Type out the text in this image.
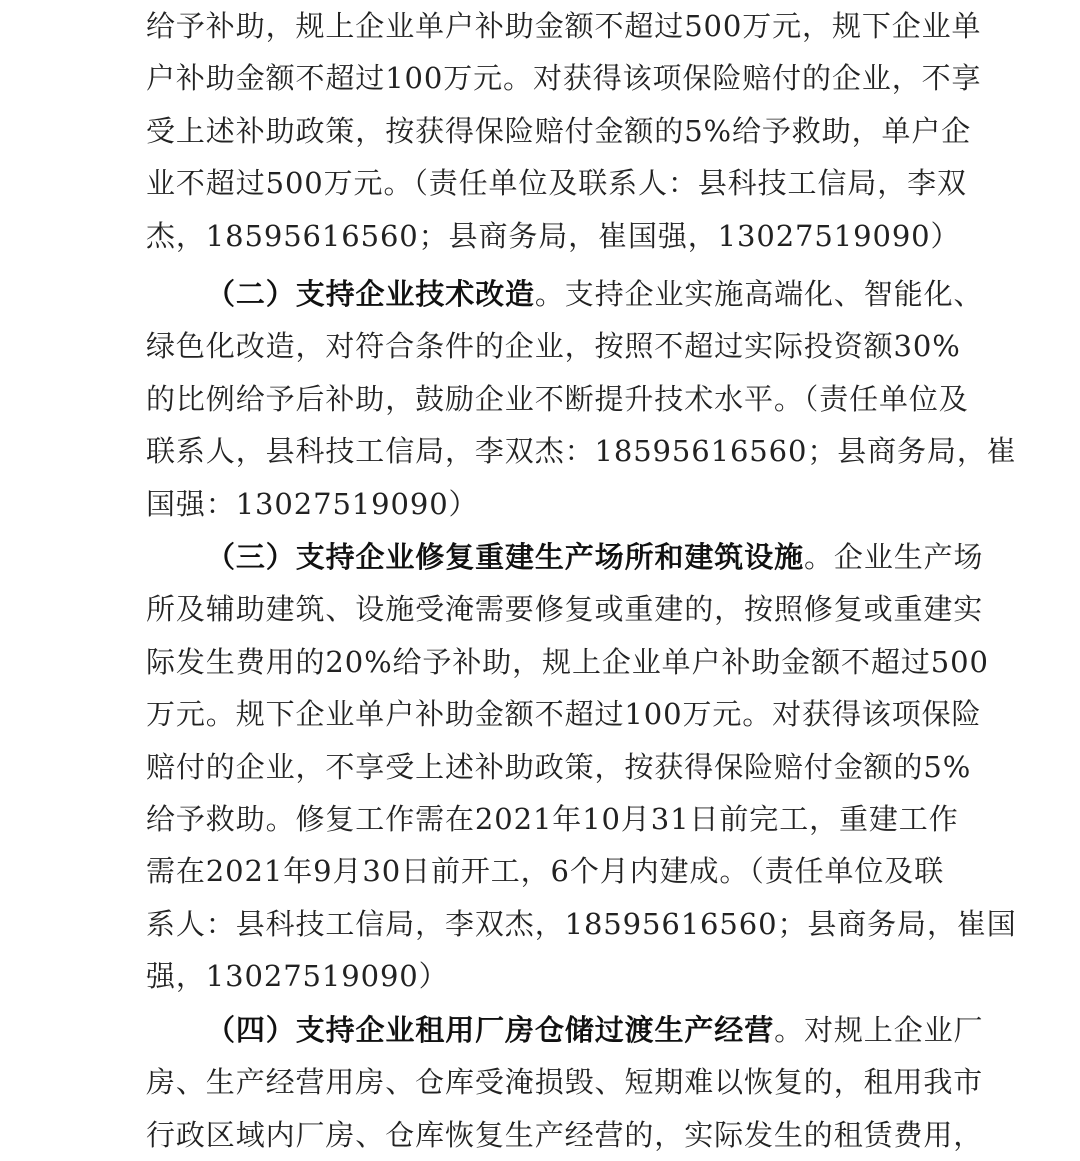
给予补助，规上企业单户补助金额不超过500万元，规下企业单
户补助金额不超过100万元。对获得该项保险赔付的企业，不享
受上述补助政策，按获得保险赔付金额的5%给予救助，单户企
业不超过500万元。（责任单位及联系人：县科技工信局，李双
杰，18595616560；县商务局，崔国强，13027519090）
（二）支持企业技术改造。支持企业实施高端化、智能化、
绿色化改造，对符合条件的企业，按照不超过实际投资额30%
的比例给予后补助，鼓励企业不断提升技术水平。（责任单位及
联系人，县科技工信局，李双杰：18595616560；县商务局，崔
国强：13027519090）
（三）支持企业修复重建生产场所和建筑设施。企业生产场
所及辅助建筑、设施受淹需要修复或重建的，按照修复或重建实
际发生费用的20%给予补助，规上企业单户补助金额不超过500
万元。规下企业单户补助金额不超过100万元。对获得该项保险
赔付的企业，不享受上述补助政策，按获得保险赔付金额的5%
给予救助。修复工作需在2021年10月31日前完工，重建工作
需在2021年9月30日前开工，6个月内建成。（责任单位及联
系人：县科技工信局，李双杰，18595616560；县商务局，崔国
强，13027519090）
（四）支持企业租用厂房仓储过渡生产经营。对规上企业厂
房、生产经营用房、仓库受淹损毁、短期难以恢复的，租用我市
行政区域内厂房、仓库恢复生产经营的，实际发生的租赁费用，
